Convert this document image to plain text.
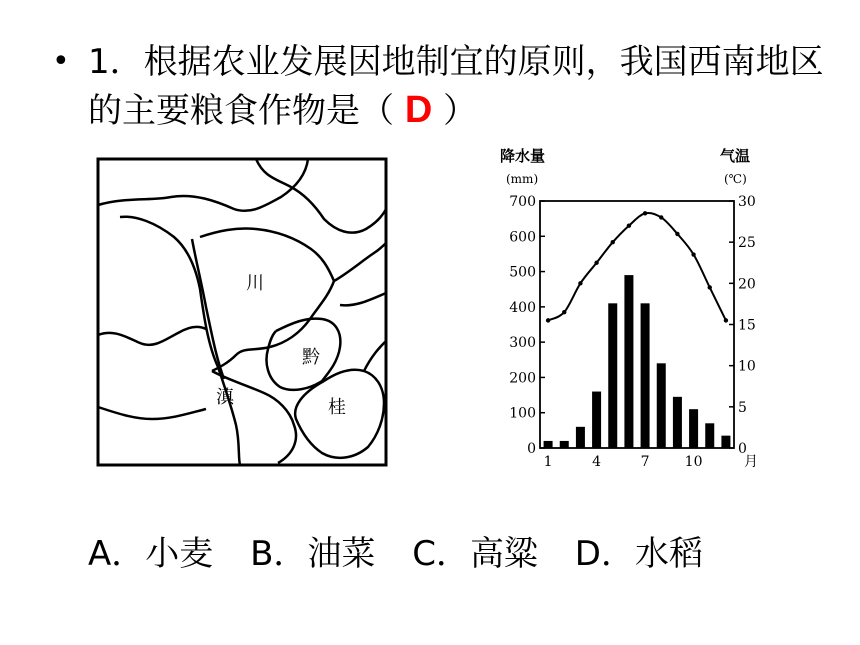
• 1．根据农业发展因地制宜的原则，我国西南地区的主要粮食作物是（ D ）
川
黔
滇	桂
降水量
(mm)
气温
(℃)
700
600
500
400
300
200
100
0
30
25
20
15
10
5
0
1	4	7	10	月
A．小麦 B．油菜 C．高粱 D．水稻
